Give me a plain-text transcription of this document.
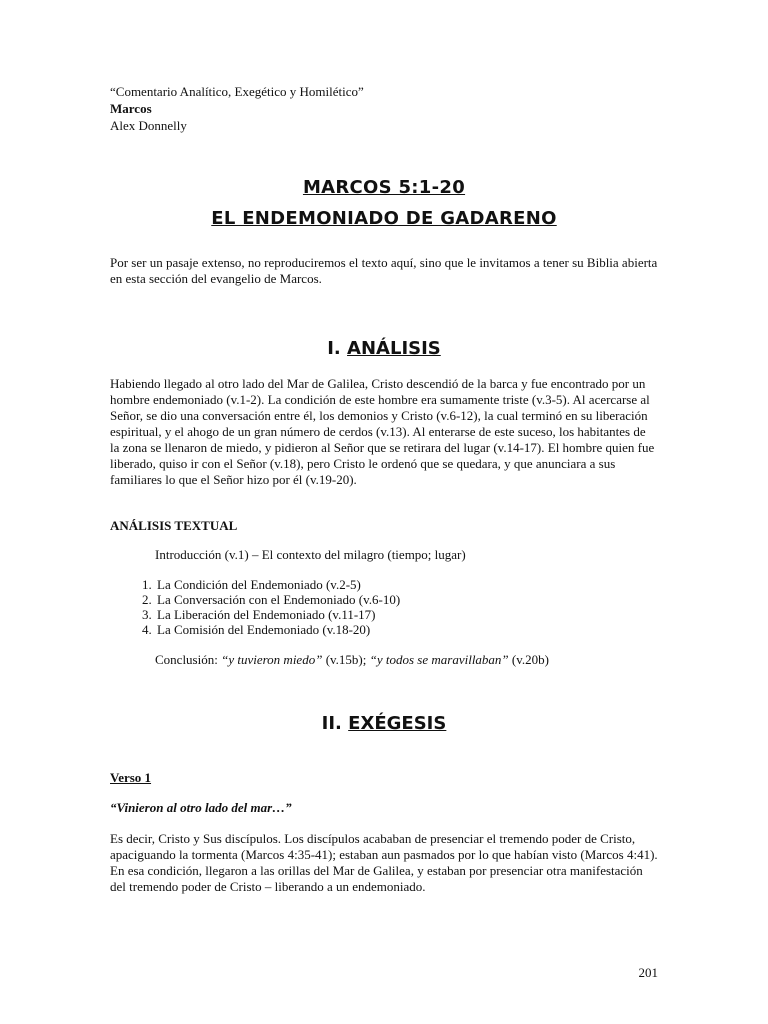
“Comentario Analítico, Exegético y Homilético”
Marcos
Alex Donnelly
MARCOS 5:1-20
EL ENDEMONIADO DE GADARENO

Por ser un pasaje extenso, no reproduciremos el texto aquí, sino que le invitamos a tener su Biblia abierta en esta sección del evangelio de Marcos.

I. ANÁLISIS

Habiendo llegado al otro lado del Mar de Galilea, Cristo descendió de la barca y fue encontrado por un hombre endemoniado (v.1-2). La condición de este hombre era sumamente triste (v.3-5). Al acercarse al Señor, se dio una conversación entre él, los demonios y Cristo (v.6-12), la cual terminó en su liberación espiritual, y el ahogo de un gran número de cerdos (v.13). Al enterarse de este suceso, los habitantes de la zona se llenaron de miedo, y pidieron al Señor que se retirara del lugar (v.14-17). El hombre quien fue liberado, quiso ir con el Señor (v.18), pero Cristo le ordenó que se quedara, y que anunciara a sus familiares lo que el Señor hizo por él (v.19-20).

ANÁLISIS TEXTUAL
Introducción (v.1) – El contexto del milagro (tiempo; lugar)
1. La Condición del Endemoniado (v.2-5)
2. La Conversación con el Endemoniado (v.6-10)
3. La Liberación del Endemoniado (v.11-17)
4. La Comisión del Endemoniado (v.18-20)
Conclusión: “y tuvieron miedo” (v.15b); “y todos se maravillaban” (v.20b)
II. EXÉGESIS
Verso 1
“Vinieron al otro lado del mar…”

Es decir, Cristo y Sus discípulos. Los discípulos acababan de presenciar el tremendo poder de Cristo, apaciguando la tormenta (Marcos 4:35-41); estaban aun pasmados por lo que habían visto (Marcos 4:41). En esa condición, llegaron a las orillas del Mar de Galilea, y estaban por presenciar otra manifestación del tremendo poder de Cristo – liberando a un endemoniado.

201
